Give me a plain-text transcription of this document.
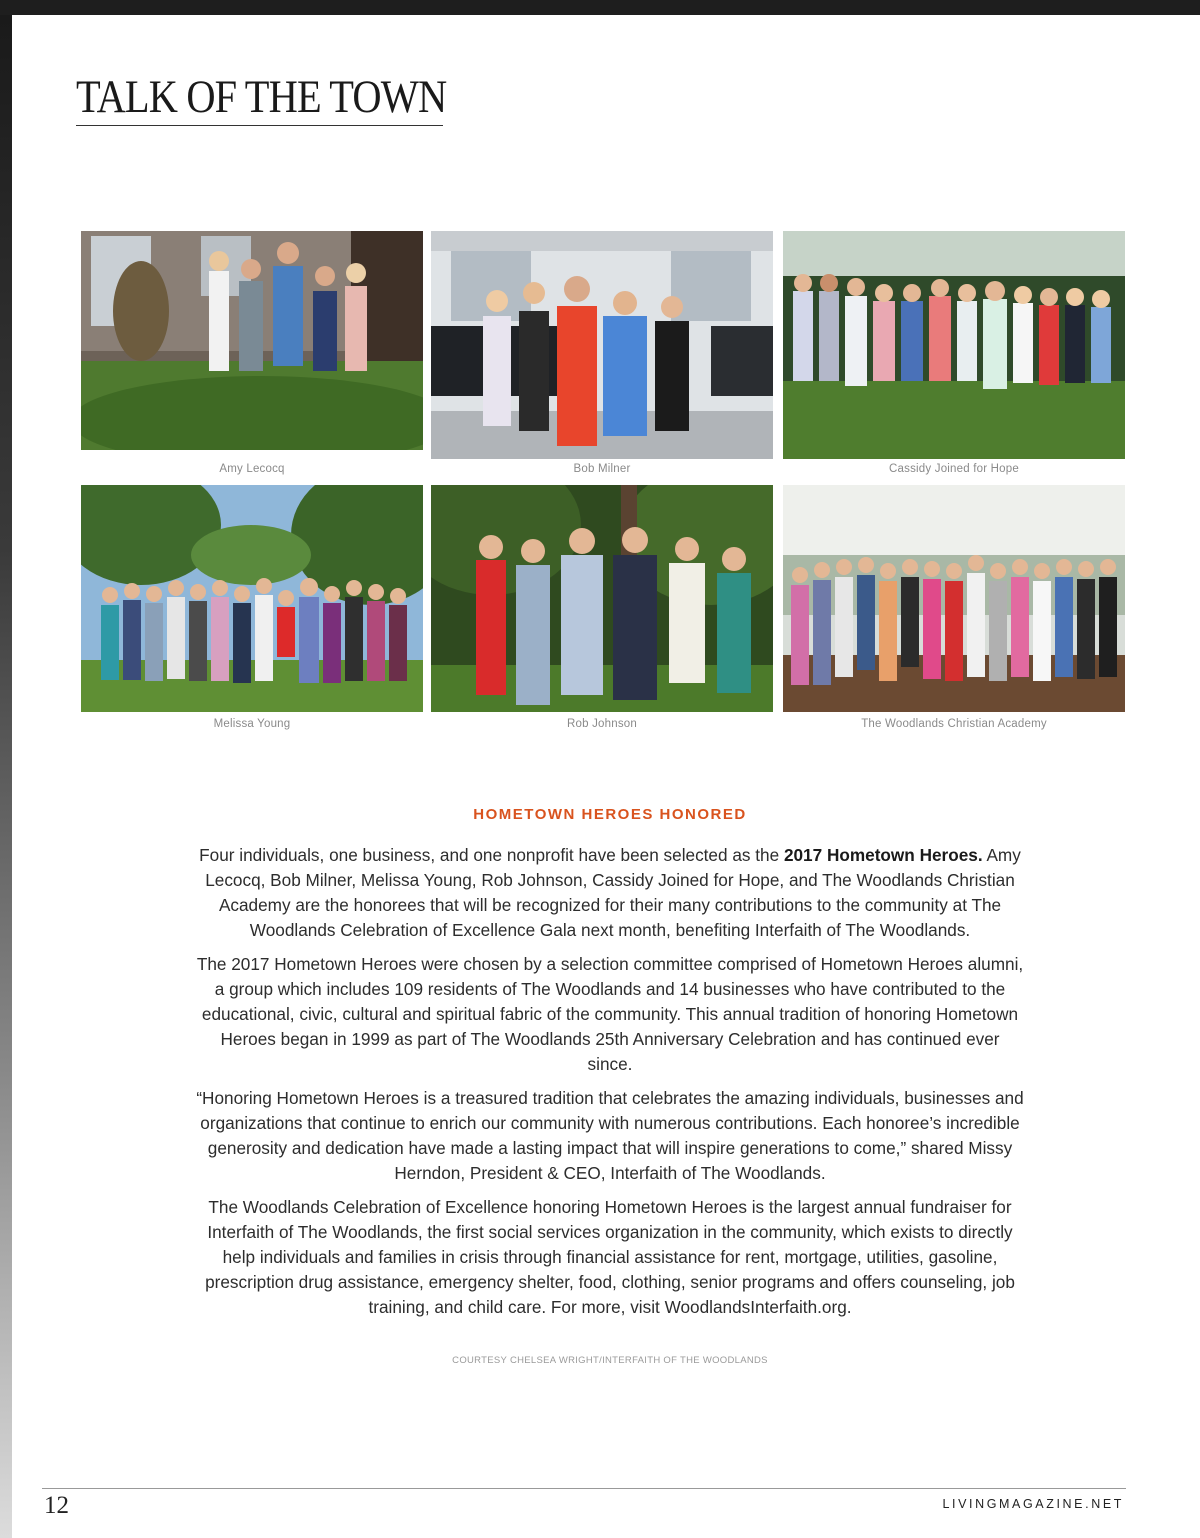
TALK OF THE TOWN
Amy Lecocq	Bob Milner	Cassidy Joined for Hope
Melissa Young	Rob Johnson	The Woodlands Christian Academy
HOMETOWN HEROES HONORED

Four individuals, one business, and one nonprofit have been selected as the 2017 Hometown Heroes. Amy Lecocq, Bob Milner, Melissa Young, Rob Johnson, Cassidy Joined for Hope, and The Woodlands Christian Academy are the honorees that will be recognized for their many contributions to the community at The Woodlands Celebration of Excellence Gala next month, benefiting Interfaith of The Woodlands.

The 2017 Hometown Heroes were chosen by a selection committee comprised of Hometown Heroes alumni, a group which includes 109 residents of The Woodlands and 14 businesses who have contributed to the educational, civic, cultural and spiritual fabric of the community. This annual tradition of honoring Hometown Heroes began in 1999 as part of The Woodlands 25th Anniversary Celebration and has continued ever since.

“Honoring Hometown Heroes is a treasured tradition that celebrates the amazing individuals, businesses and organizations that continue to enrich our community with numerous contributions. Each honoree’s incredible generosity and dedication have made a lasting impact that will inspire generations to come,” shared Missy Herndon, President & CEO, Interfaith of The Woodlands.

The Woodlands Celebration of Excellence honoring Hometown Heroes is the largest annual fundraiser for Interfaith of The Woodlands, the first social services organization in the community, which exists to directly help individuals and families in crisis through financial assistance for rent, mortgage, utilities, gasoline, prescription drug assistance, emergency shelter, food, clothing, senior programs and offers counseling, job training, and child care. For more, visit WoodlandsInterfaith.org.

COURTESY CHELSEA WRIGHT/INTERFAITH OF THE WOODLANDS
12	LIVINGMAGAZINE.NET
